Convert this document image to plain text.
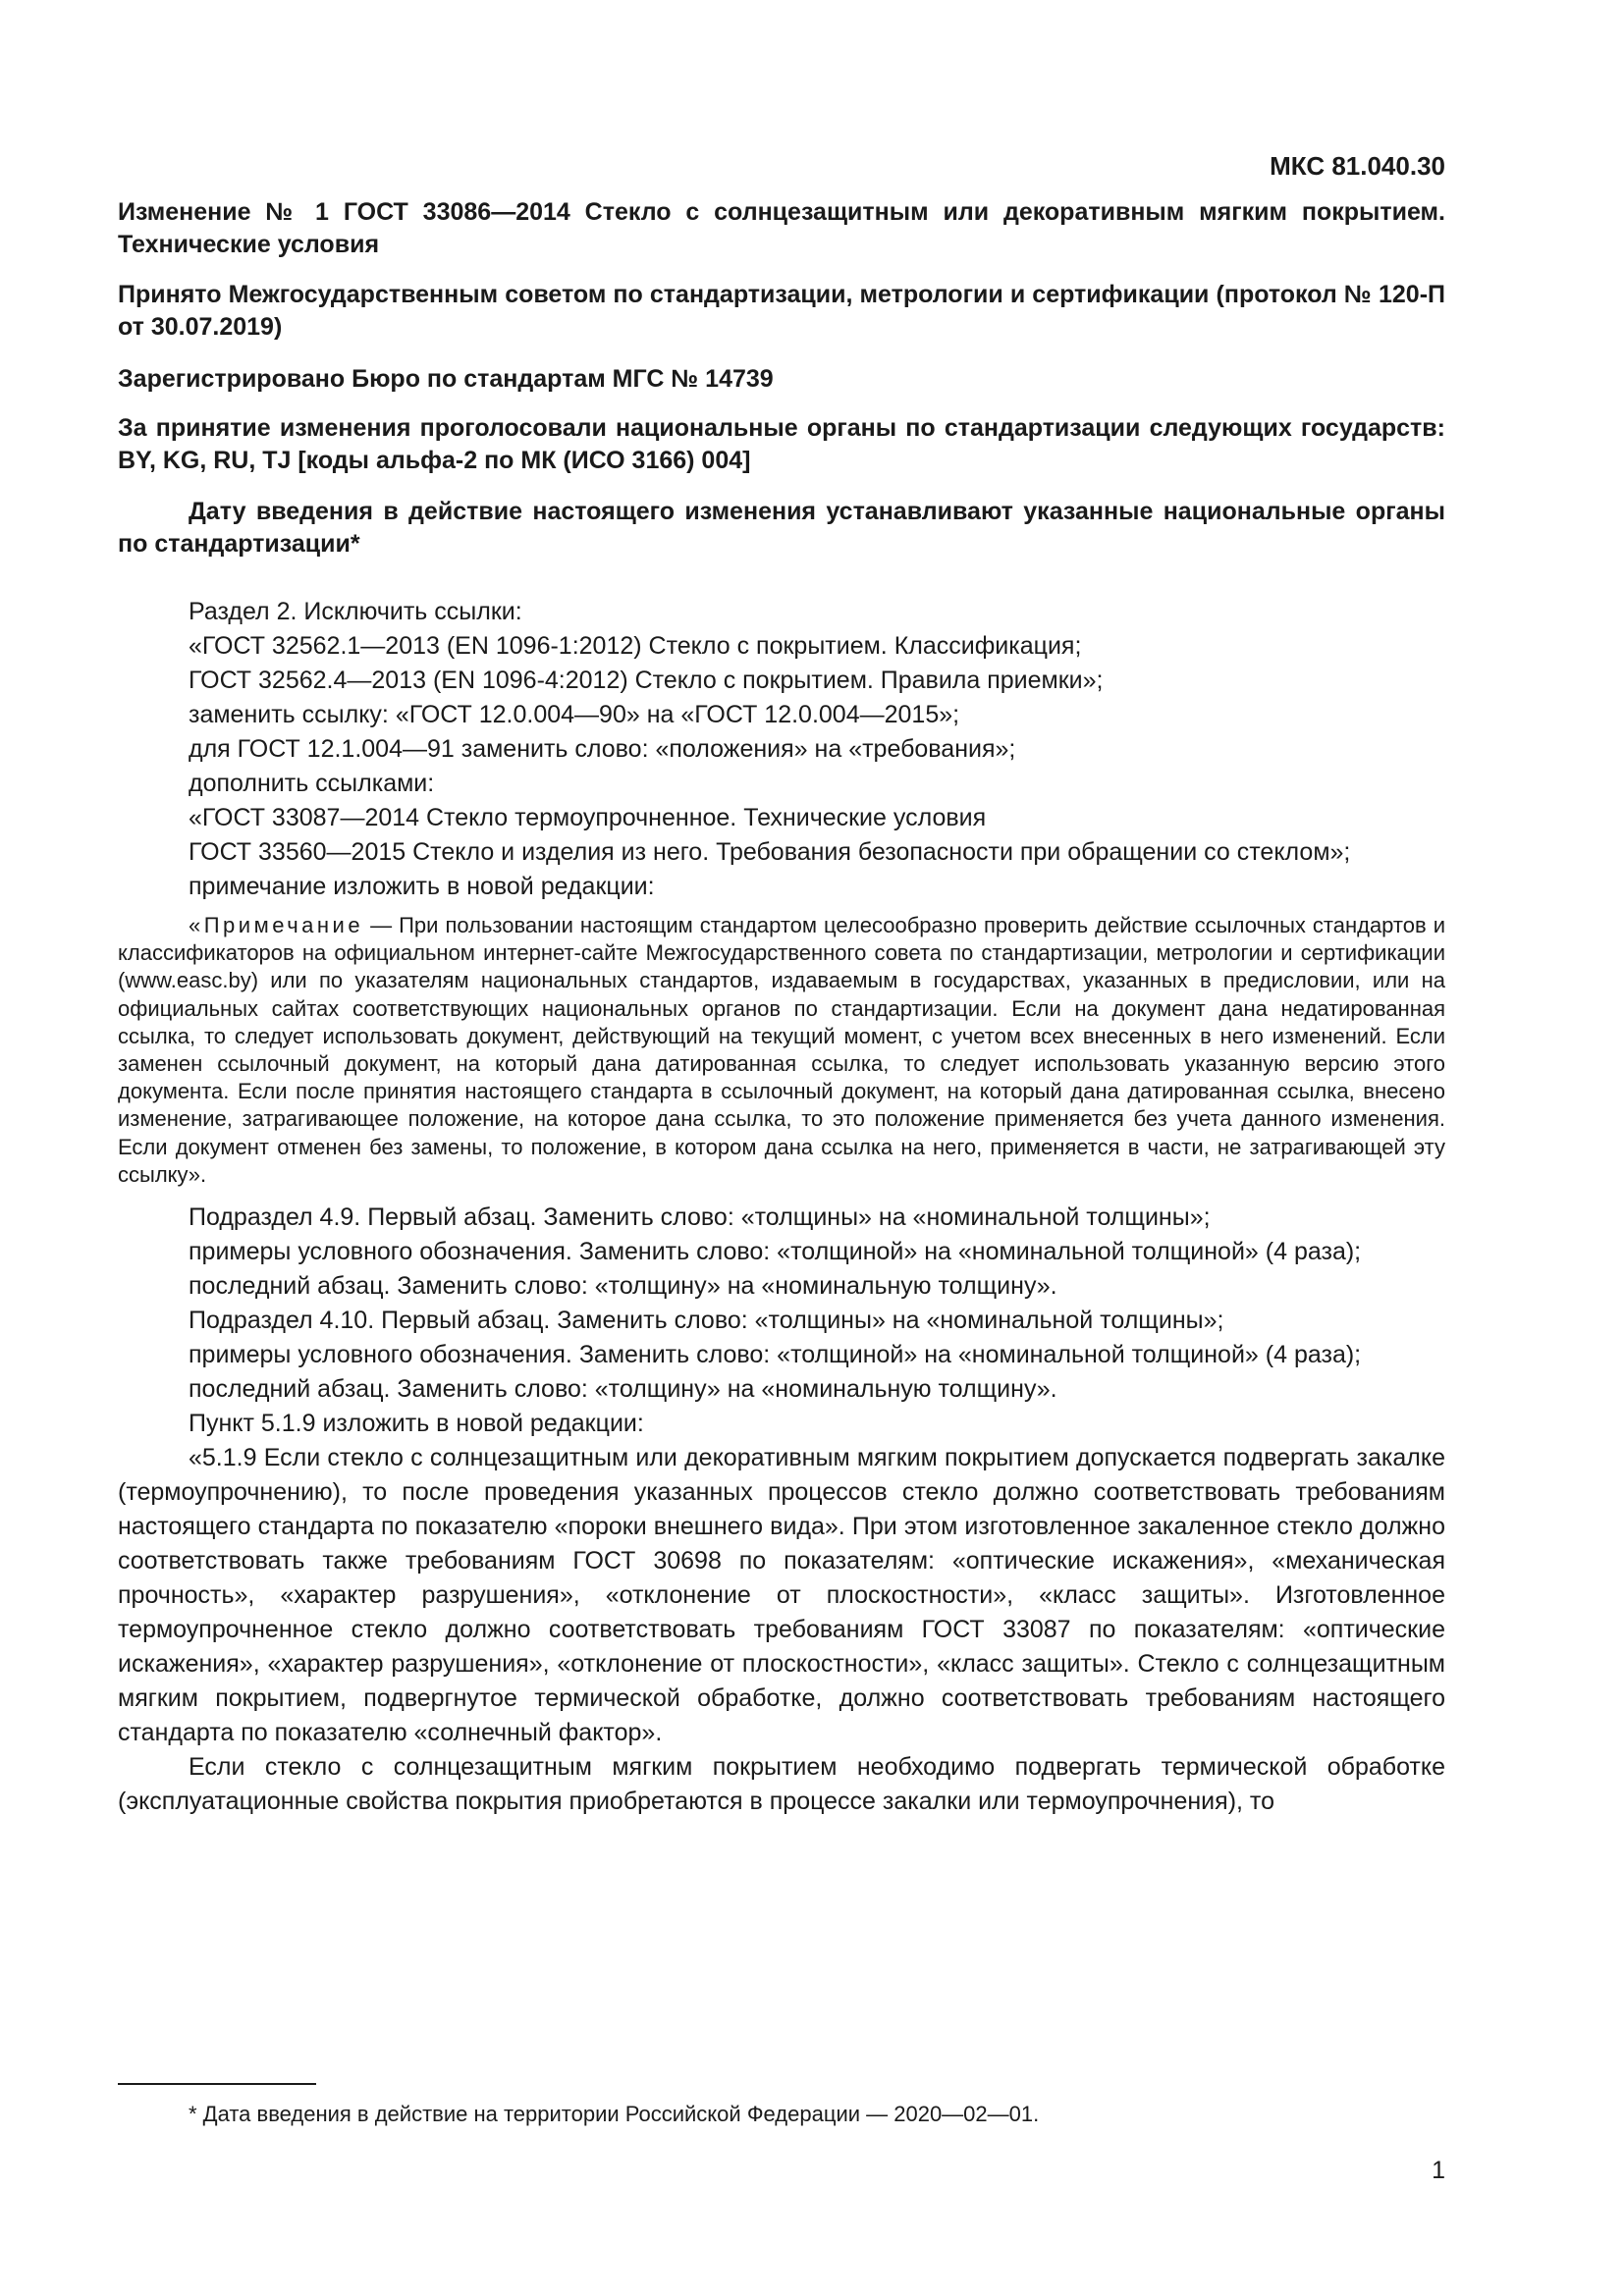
МКС 81.040.30
Изменение № 1 ГОСТ 33086—2014 Стекло с солнцезащитным или декоративным мягким покрытием. Технические условия
Принято Межгосударственным советом по стандартизации, метрологии и сертификации (протокол № 120-П от 30.07.2019)
Зарегистрировано Бюро по стандартам МГС № 14739
За принятие изменения проголосовали национальные органы по стандартизации следующих государств: BY, KG, RU, TJ [коды альфа-2 по МК (ИСО 3166) 004]
Дату введения в действие настоящего изменения устанавливают указанные национальные органы по стандартизации*

Раздел 2. Исключить ссылки:

«ГОСТ 32562.1—2013 (EN 1096-1:2012) Стекло с покрытием. Классификация;

ГОСТ 32562.4—2013 (EN 1096-4:2012) Стекло с покрытием. Правила приемки»;

заменить ссылку: «ГОСТ 12.0.004—90» на «ГОСТ 12.0.004—2015»;

для ГОСТ 12.1.004—91 заменить слово: «положения» на «требования»;

дополнить ссылками:

«ГОСТ 33087—2014 Стекло термоупрочненное. Технические условия

ГОСТ 33560—2015 Стекло и изделия из него. Требования безопасности при обращении со стеклом»;

примечание изложить в новой редакции:

«Примечание — При пользовании настоящим стандартом целесообразно проверить действие ссылочных стандартов и классификаторов на официальном интернет-сайте Межгосударственного совета по стандартизации, метрологии и сертификации (www.easc.by) или по указателям национальных стандартов, издаваемым в государствах, указанных в предисловии, или на официальных сайтах соответствующих национальных органов по стандартизации. Если на документ дана недатированная ссылка, то следует использовать документ, действующий на текущий момент, с учетом всех внесенных в него изменений. Если заменен ссылочный документ, на который дана датированная ссылка, то следует использовать указанную версию этого документа. Если после принятия настоящего стандарта в ссылочный документ, на который дана датированная ссылка, внесено изменение, затрагивающее положение, на которое дана ссылка, то это положение применяется без учета данного изменения. Если документ отменен без замены, то положение, в котором дана ссылка на него, применяется в части, не затрагивающей эту ссылку».

Подраздел 4.9. Первый абзац. Заменить слово: «толщины» на «номинальной толщины»;

примеры условного обозначения. Заменить слово: «толщиной» на «номинальной толщиной» (4 раза);

последний абзац. Заменить слово: «толщину» на «номинальную толщину».

Подраздел 4.10. Первый абзац. Заменить слово: «толщины» на «номинальной толщины»;

примеры условного обозначения. Заменить слово: «толщиной» на «номинальной толщиной» (4 раза);

последний абзац. Заменить слово: «толщину» на «номинальную толщину».

Пункт 5.1.9 изложить в новой редакции:

«5.1.9 Если стекло с солнцезащитным или декоративным мягким покрытием допускается подвергать закалке (термоупрочнению), то после проведения указанных процессов стекло должно соответствовать требованиям настоящего стандарта по показателю «пороки внешнего вида». При этом изготовленное закаленное стекло должно соответствовать также требованиям ГОСТ 30698 по показателям: «оптические искажения», «механическая прочность», «характер разрушения», «отклонение от плоскостности», «класс защиты». Изготовленное термоупрочненное стекло должно соответствовать требованиям ГОСТ 33087 по показателям: «оптические искажения», «характер разрушения», «отклонение от плоскостности», «класс защиты». Стекло с солнцезащитным мягким покрытием, подвергнутое термической обработке, должно соответствовать требованиям настоящего стандарта по показателю «солнечный фактор».

Если стекло с солнцезащитным мягким покрытием необходимо подвергать термической обработке (эксплуатационные свойства покрытия приобретаются в процессе закалки или термоупрочнения), то

* Дата введения в действие на территории Российской Федерации — 2020—02—01.
1
